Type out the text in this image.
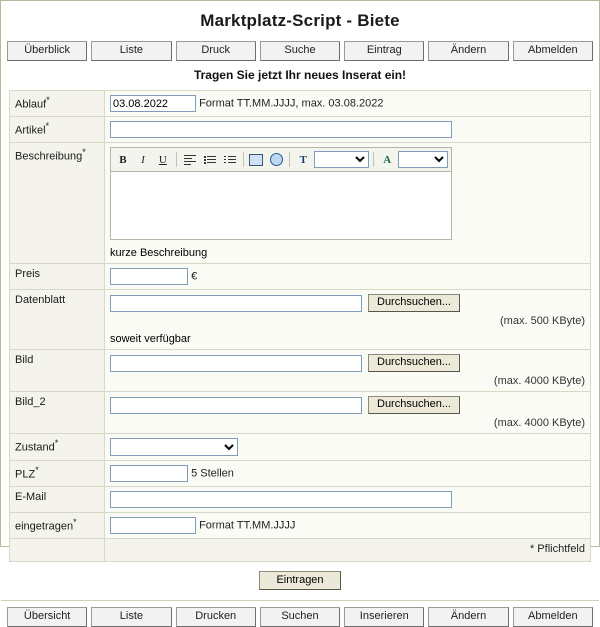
Marktplatz-Script - Biete
Überblick	Liste	Druck	Suche	Eintrag	Ändern	Abmelden
Tragen Sie jetzt Ihr neues Inserat ein!
Ablauf*	03.08.2022Format TT.MM.JJJJ, max. 03.08.2022
Artikel*	
Beschreibung*	
B	I	U	T	A
kurze Beschreibung

Preis	€
Datenblatt	Durchsuchen...
(max. 500 KByte)
soweit verfügbar

Bild	Durchsuchen...
(max. 4000 KByte)

Bild_2	Durchsuchen...
(max. 4000 KByte)

Zustand*	

PLZ*	5 Stellen
E-Mail	
eingetragen*	Format TT.MM.JJJJ
	* Pflichtfeld
Eintragen
Übersicht	Liste	Drucken	Suchen	Inserieren	Ändern	Abmelden
